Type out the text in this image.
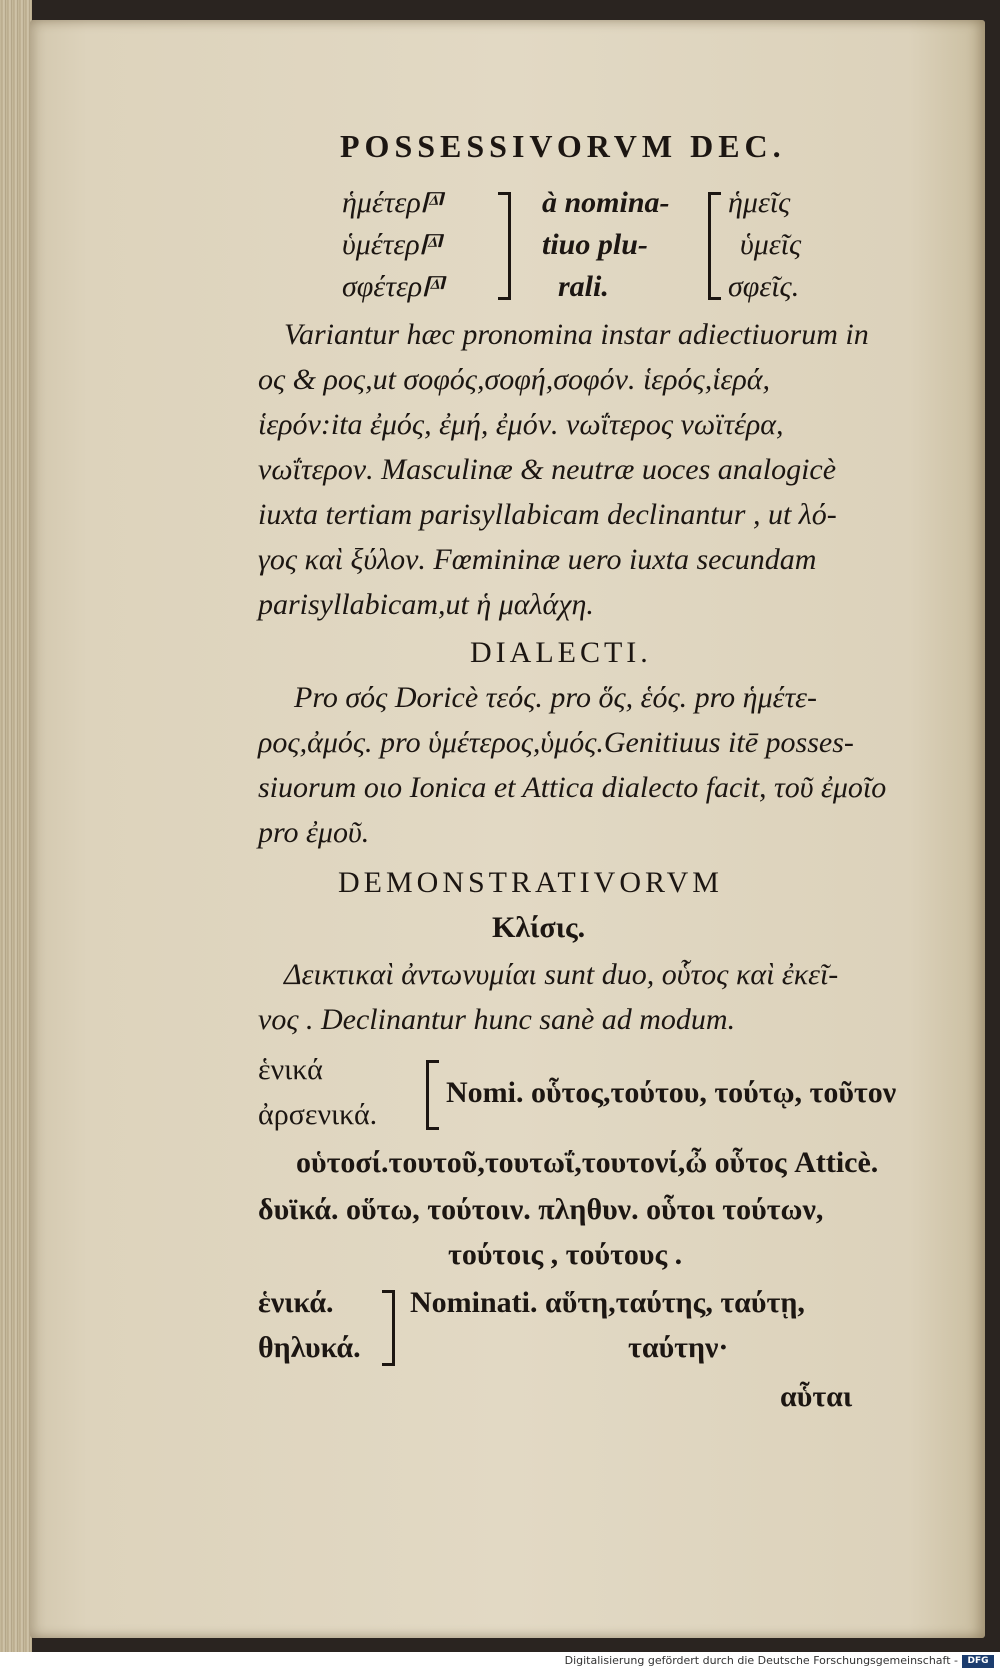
POSSESSIVORVM DEC.
ἡμέτερ𐅄
ὑμέτερ𐅄
σφέτερ𐅄
à nomina-
tiuo plu-
rali.
ἡμεῖς
ὑμεῖς
σφεῖς.
Variantur hæc pronomina instar adiectiuorum in
ος & ρος,ut σοφός,σοφή,σοφόν. ἱερός,ἱερά,
ἱερόν:ita ἐμός, ἐμή, ἐμόν. νωΐτερος νωϊτέρα,
νωΐτερον. Masculinæ & neutræ uoces analogicè
iuxta tertiam parisyllabicam declinantur , ut λό-
γος καὶ ξύλον. Fœmininæ uero iuxta secundam
parisyllabicam,ut ἡ μαλάχη.
DIALECTI.
Pro σός Doricè τεός. pro ὅς, ἑός. pro ἡμέτε-
ρος,ἀμός. pro ὑμέτερος,ὑμός.Genitiuus itē posses-
siuorum οιο Ionica et Attica dialecto facit, τοῦ ἐμοῖο
pro ἐμοῦ.
DEMONSTRATIVORVM
Κλίσις.
Δεικτικαὶ ἀντωνυμίαι sunt duo, οὗτος καὶ ἐκεῖ-
νος . Declinantur hunc sanè ad modum.
ἑνικά
ἀρσενικά.
Nomi. οὗτος,τούτου, τούτῳ, τοῦτον
οὑτοσί.τουτοῦ,τουτωΐ,τουτονί,ὦ οὗτος Atticè.
δυϊκά. οὕτω, τούτοιν. πληθυν. οὗτοι τούτων,
τούτοις , τούτους .
ἑνικά.
θηλυκά.
Nominati. αὕτη,ταύτης, ταύτῃ,
ταύτην·
αὗται
Digitalisierung gefördert durch die Deutsche Forschungsgemeinschaft -	DFG
